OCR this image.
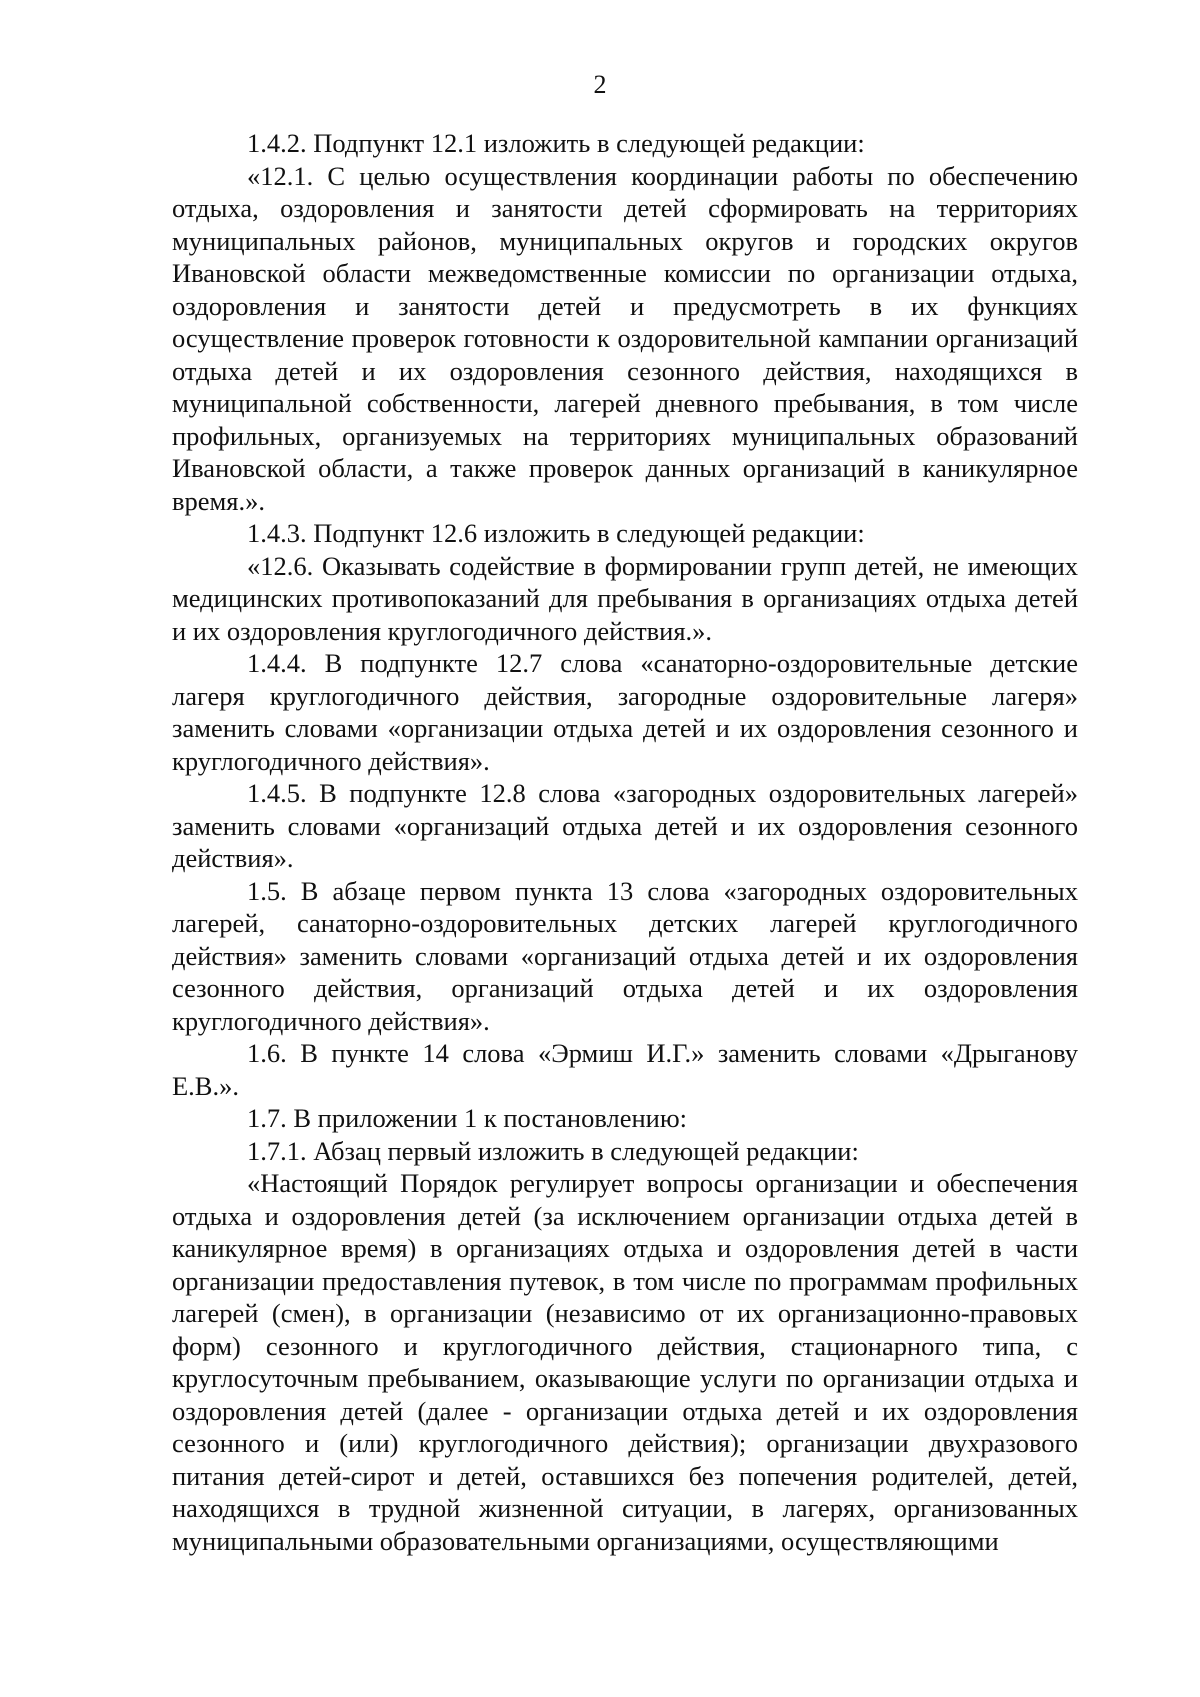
2

1.4.2. Подпункт 12.1 изложить в следующей редакции:

«12.1. С целью осуществления координации работы по обеспечению отдыха, оздоровления и занятости детей сформировать на территориях муниципальных районов, муниципальных округов и городских округов Ивановской области межведомственные комиссии по организации отдыха, оздоровления и занятости детей и предусмотреть в их функциях осуществление проверок готовности к оздоровительной кампании организаций отдыха детей и их оздоровления сезонного действия, находящихся в муниципальной собственности, лагерей дневного пребывания, в том числе профильных, организуемых на территориях муниципальных образований Ивановской области, а также проверок данных организаций в каникулярное время.».

1.4.3. Подпункт 12.6 изложить в следующей редакции:

«12.6. Оказывать содействие в формировании групп детей, не имеющих медицинских противопоказаний для пребывания в организациях отдыха детей и их оздоровления круглогодичного действия.».

1.4.4. В подпункте 12.7 слова «санаторно-оздоровительные детские лагеря круглогодичного действия, загородные оздоровительные лагеря» заменить словами «организации отдыха детей и их оздоровления сезонного и круглогодичного действия».

1.4.5. В подпункте 12.8 слова «загородных оздоровительных лагерей» заменить словами «организаций отдыха детей и их оздоровления сезонного действия».

1.5. В абзаце первом пункта 13 слова «загородных оздоровительных лагерей, санаторно-оздоровительных детских лагерей круглогодичного действия» заменить словами «организаций отдыха детей и их оздоровления сезонного действия, организаций отдыха детей и их оздоровления круглогодичного действия».

1.6. В пункте 14 слова «Эрмиш И.Г.» заменить словами «Дрыганову Е.В.».

1.7. В приложении 1 к постановлению:

1.7.1. Абзац первый изложить в следующей редакции:

«Настоящий Порядок регулирует вопросы организации и обеспечения отдыха и оздоровления детей (за исключением организации отдыха детей в каникулярное время) в организациях отдыха и оздоровления детей в части организации предоставления путевок, в том числе по программам профильных лагерей (смен), в организации (независимо от их организационно-правовых форм) сезонного и круглогодичного действия, стационарного типа, с круглосуточным пребыванием, оказывающие услуги по организации отдыха и оздоровления детей (далее - организации отдыха детей и их оздоровления сезонного и (или) круглогодичного действия); организации двухразового питания детей-сирот и детей, оставшихся без попечения родителей, детей, находящихся в трудной жизненной ситуации, в лагерях, организованных муниципальными образовательными организациями, осуществляющими
